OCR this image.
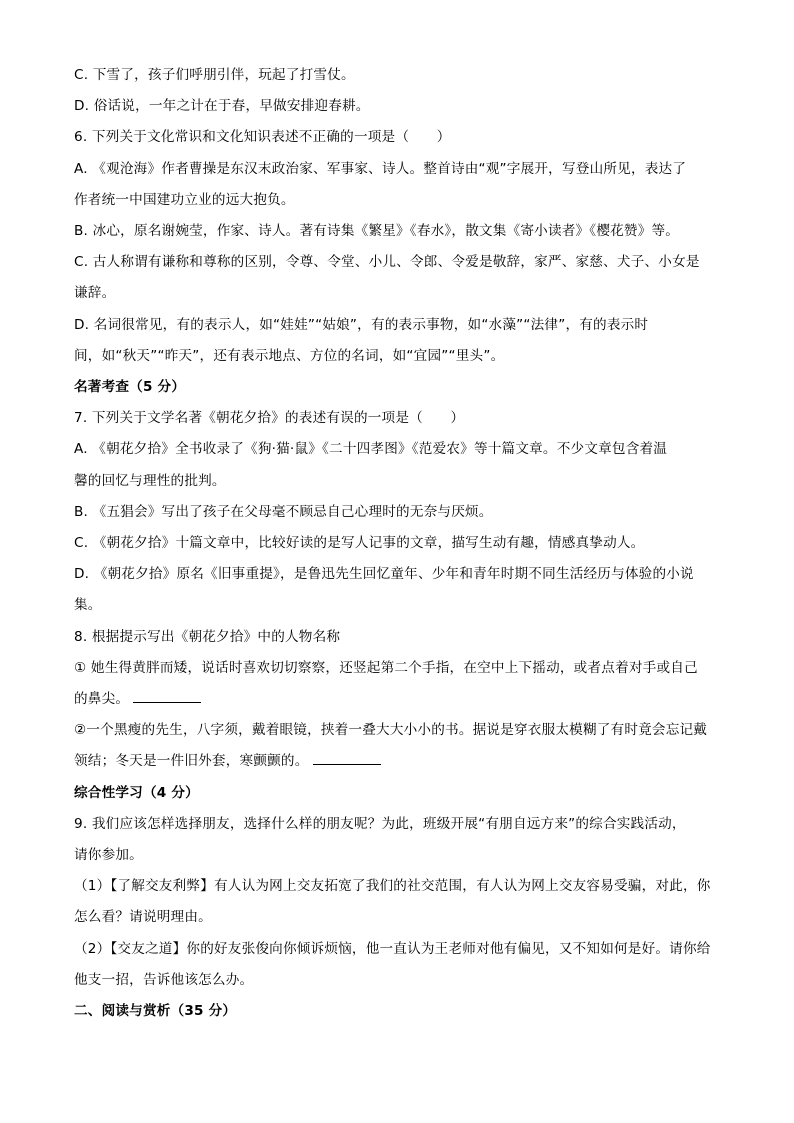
C. 下雪了，孩子们呼朋引伴，玩起了打雪仗。
D. 俗话说，一年之计在于春，早做安排迎春耕。
6. 下列关于文化常识和文化知识表述不正确的一项是（　　）
A. 《观沧海》作者曹操是东汉末政治家、军事家、诗人。整首诗由“观”字展开，写登山所见，表达了
作者统一中国建功立业的远大抱负。
B. 冰心，原名谢婉莹，作家、诗人。著有诗集《繁星》《春水》，散文集《寄小读者》《樱花赞》等。
C. 古人称谓有谦称和尊称的区别，令尊、令堂、小儿、令郎、令爱是敬辞，家严、家慈、犬子、小女是
谦辞。
D. 名词很常见，有的表示人，如“娃娃”“姑娘”，有的表示事物，如“水藻”“法律”，有的表示时
间，如“秋天”“昨天”，还有表示地点、方位的名词，如“宜园”“里头”。
名著考查（5 分）
7. 下列关于文学名著《朝花夕拾》的表述有误的一项是（　　）
A. 《朝花夕拾》全书收录了《狗·猫·鼠》《二十四孝图》《范爱农》等十篇文章。不少文章包含着温
馨的回忆与理性的批判。
B. 《五猖会》写出了孩子在父母毫不顾忌自己心理时的无奈与厌烦。
C. 《朝花夕拾》十篇文章中，比较好读的是写人记事的文章，描写生动有趣，情感真挚动人。
D. 《朝花夕拾》原名《旧事重提》，是鲁迅先生回忆童年、少年和青年时期不同生活经历与体验的小说
集。
8. 根据提示写出《朝花夕拾》中的人物名称
① 她生得黄胖而矮，说话时喜欢切切察察，还竖起第二个手指，在空中上下摇动，或者点着对手或自己
的鼻尖。
②一个黑瘦的先生，八字须，戴着眼镜，挟着一叠大大小小的书。据说是穿衣服太模糊了有时竟会忘记戴
领结；冬天是一件旧外套，寒颤颤的。
综合性学习（4 分）
9. 我们应该怎样选择朋友，选择什么样的朋友呢？为此，班级开展“有朋自远方来”的综合实践活动，
请你参加。
（1）【了解交友利弊】有人认为网上交友拓宽了我们的社交范围，有人认为网上交友容易受骗，对此，你
怎么看？请说明理由。
（2）【交友之道】你的好友张俊向你倾诉烦恼，他一直认为王老师对他有偏见，又不知如何是好。请你给
他支一招，告诉他该怎么办。
二、阅读与赏析（35 分）
